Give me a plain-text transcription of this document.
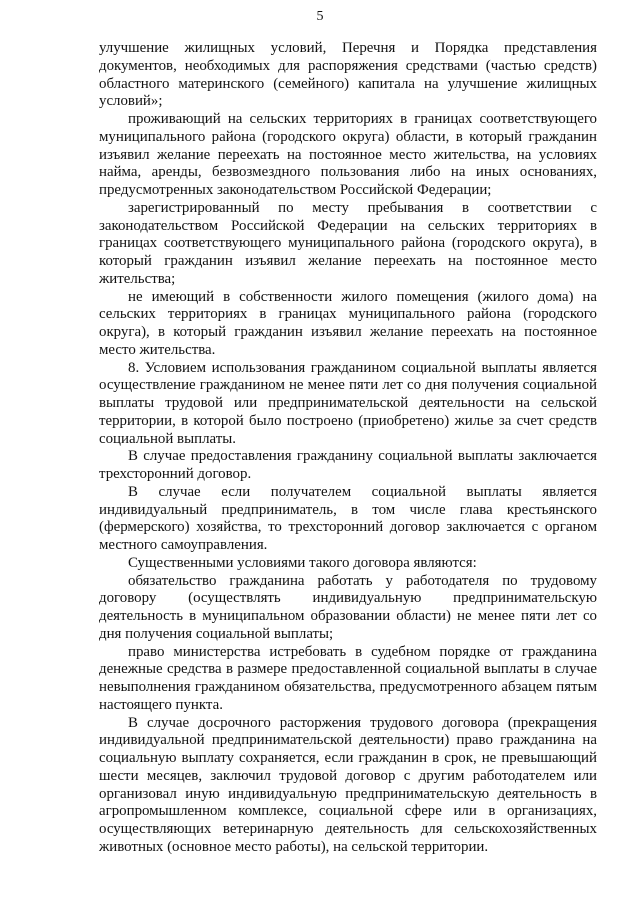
5

улучшение жилищных условий, Перечня и Порядка представления документов, необходимых для распоряжения средствами (частью средств) областного материнского (семейного) капитала на улучшение жилищных условий»;

проживающий на сельских территориях в границах соответствующего муниципального района (городского округа) области, в который гражданин изъявил желание переехать на постоянное место жительства, на условиях найма, аренды, безвозмездного пользования либо на иных основаниях, предусмотренных законодательством Российской Федерации;

зарегистрированный по месту пребывания в соответствии с законодательством Российской Федерации на сельских территориях в границах соответствующего муниципального района (городского округа), в который гражданин изъявил желание переехать на постоянное место жительства;

не имеющий в собственности жилого помещения (жилого дома) на сельских территориях в границах муниципального района (городского округа), в который гражданин изъявил желание переехать на постоянное место жительства.

8. Условием использования гражданином социальной выплаты является осуществление гражданином не менее пяти лет со дня получения социальной выплаты трудовой или предпринимательской деятельности на сельской территории, в которой было построено (приобретено) жилье за счет средств социальной выплаты.

В случае предоставления гражданину социальной выплаты заключается трехсторонний договор.

В случае если получателем социальной выплаты является индивидуальный предприниматель, в том числе глава крестьянского (фермерского) хозяйства, то трехсторонний договор заключается с органом местного самоуправления.

Существенными условиями такого договора являются:

обязательство гражданина работать у работодателя по трудовому договору (осуществлять индивидуальную предпринимательскую деятельность в муниципальном образовании области) не менее пяти лет со дня получения социальной выплаты;

право министерства истребовать в судебном порядке от гражданина денежные средства в размере предоставленной социальной выплаты в случае невыполнения гражданином обязательства, предусмотренного абзацем пятым настоящего пункта.

В случае досрочного расторжения трудового договора (прекращения индивидуальной предпринимательской деятельности) право гражданина на социальную выплату сохраняется, если гражданин в срок, не превышающий шести месяцев, заключил трудовой договор с другим работодателем или организовал иную индивидуальную предпринимательскую деятельность в агропромышленном комплексе, социальной сфере или в организациях, осуществляющих ветеринарную деятельность для сельскохозяйственных животных (основное место работы), на сельской территории.
